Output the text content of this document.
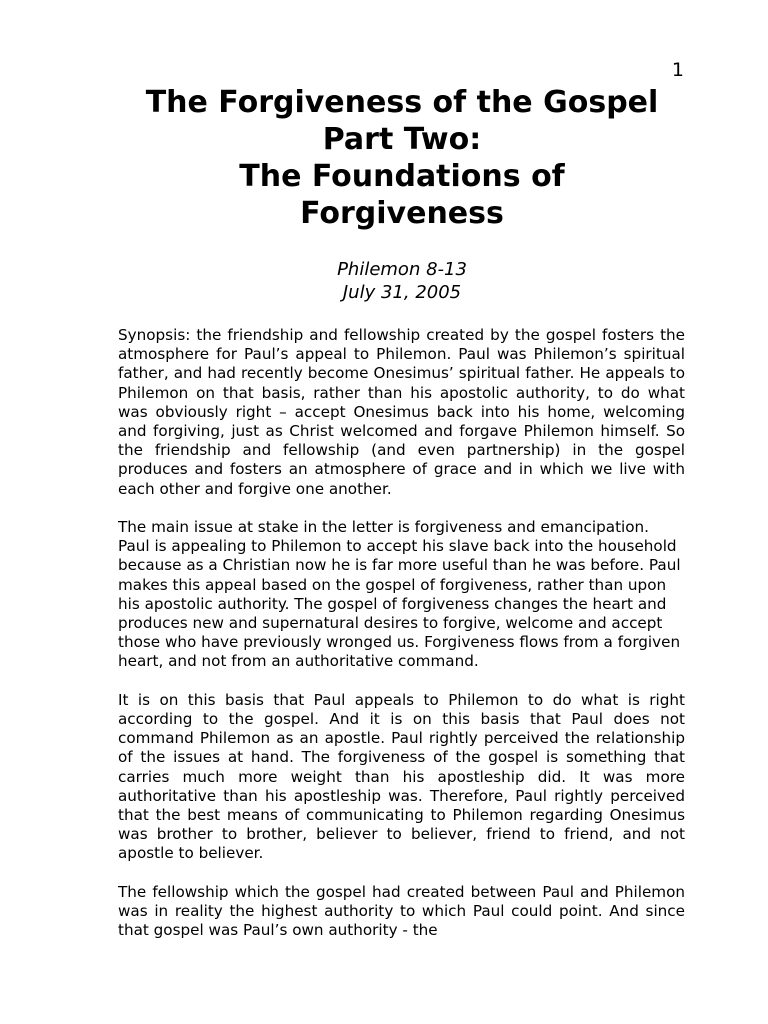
1
The Forgiveness of the Gospel
Part Two:
The Foundations of
Forgiveness
Philemon 8-13
July 31, 2005

Synopsis: the friendship and fellowship created by the gospel fosters the atmosphere for Paul’s appeal to Philemon. Paul was Philemon’s spiritual father, and had recently become Onesimus’ spiritual father. He appeals to Philemon on that basis, rather than his apostolic authority, to do what was obviously right – accept Onesimus back into his home, welcoming and forgiving, just as Christ welcomed and forgave Philemon himself. So the friendship and fellowship (and even partnership) in the gospel produces and fosters an atmosphere of grace and in which we live with each other and forgive one another.

The main issue at stake in the letter is forgiveness and emancipation. Paul is appealing to Philemon to accept his slave back into the household because as a Christian now he is far more useful than he was before. Paul makes this appeal based on the gospel of forgiveness, rather than upon his apostolic authority. The gospel of forgiveness changes the heart and produces new and supernatural desires to forgive, welcome and accept those who have previously wronged us. Forgiveness flows from a forgiven heart, and not from an authoritative command.

It is on this basis that Paul appeals to Philemon to do what is right according to the gospel. And it is on this basis that Paul does not command Philemon as an apostle. Paul rightly perceived the relationship of the issues at hand. The forgiveness of the gospel is something that carries much more weight than his apostleship did. It was more authoritative than his apostleship was. Therefore, Paul rightly perceived that the best means of communicating to Philemon regarding Onesimus was brother to brother, believer to believer, friend to friend, and not apostle to believer.

The fellowship which the gospel had created between Paul and Philemon was in reality the highest authority to which Paul could point. And since that gospel was Paul’s own authority - the
